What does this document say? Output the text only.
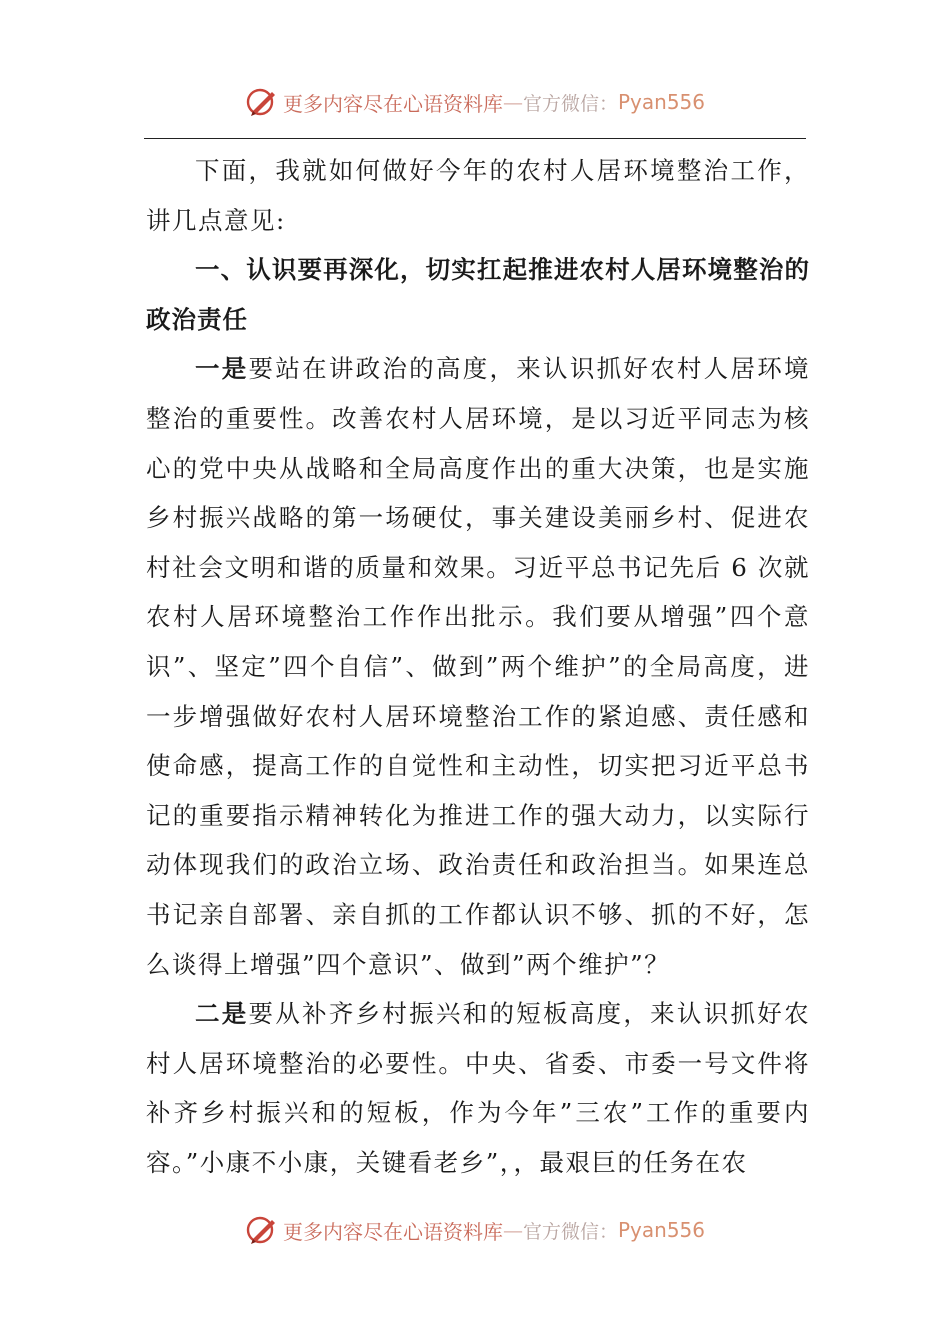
更多内容尽在心语资料库 — 官方微信： Pyan556

下面，我就如何做好今年的农村人居环境整治工作，讲几点意见:

一、认识要再深化，切实扛起推进农村人居环境整治的政治责任

一是要站在讲政治的高度，来认识抓好农村人居环境整治的重要性。改善农村人居环境，是以习近平同志为核心的党中央从战略和全局高度作出的重大决策，也是实施乡村振兴战略的第一场硬仗，事关建设美丽乡村、促进农村社会文明和谐的质量和效果。习近平总书记先后 6 次就农村人居环境整治工作作出批示。我们要从增强”四个意识”、坚定”四个自信”、做到”两个维护”的全局高度，进一步增强做好农村人居环境整治工作的紧迫感、责任感和使命感，提高工作的自觉性和主动性，切实把习近平总书记的重要指示精神转化为推进工作的强大动力，以实际行动体现我们的政治立场、政治责任和政治担当。如果连总书记亲自部署、亲自抓的工作都认识不够、抓的不好，怎么谈得上增强”四个意识”、做到”两个维护”？

二是要从补齐乡村振兴和的短板高度，来认识抓好农村人居环境整治的必要性。中央、省委、市委一号文件将补齐乡村振兴和的短板，作为今年”三农”工作的重要内容。”小康不小康，关键看老乡”，，最艰巨的任务在农

更多内容尽在心语资料库 — 官方微信： Pyan556
